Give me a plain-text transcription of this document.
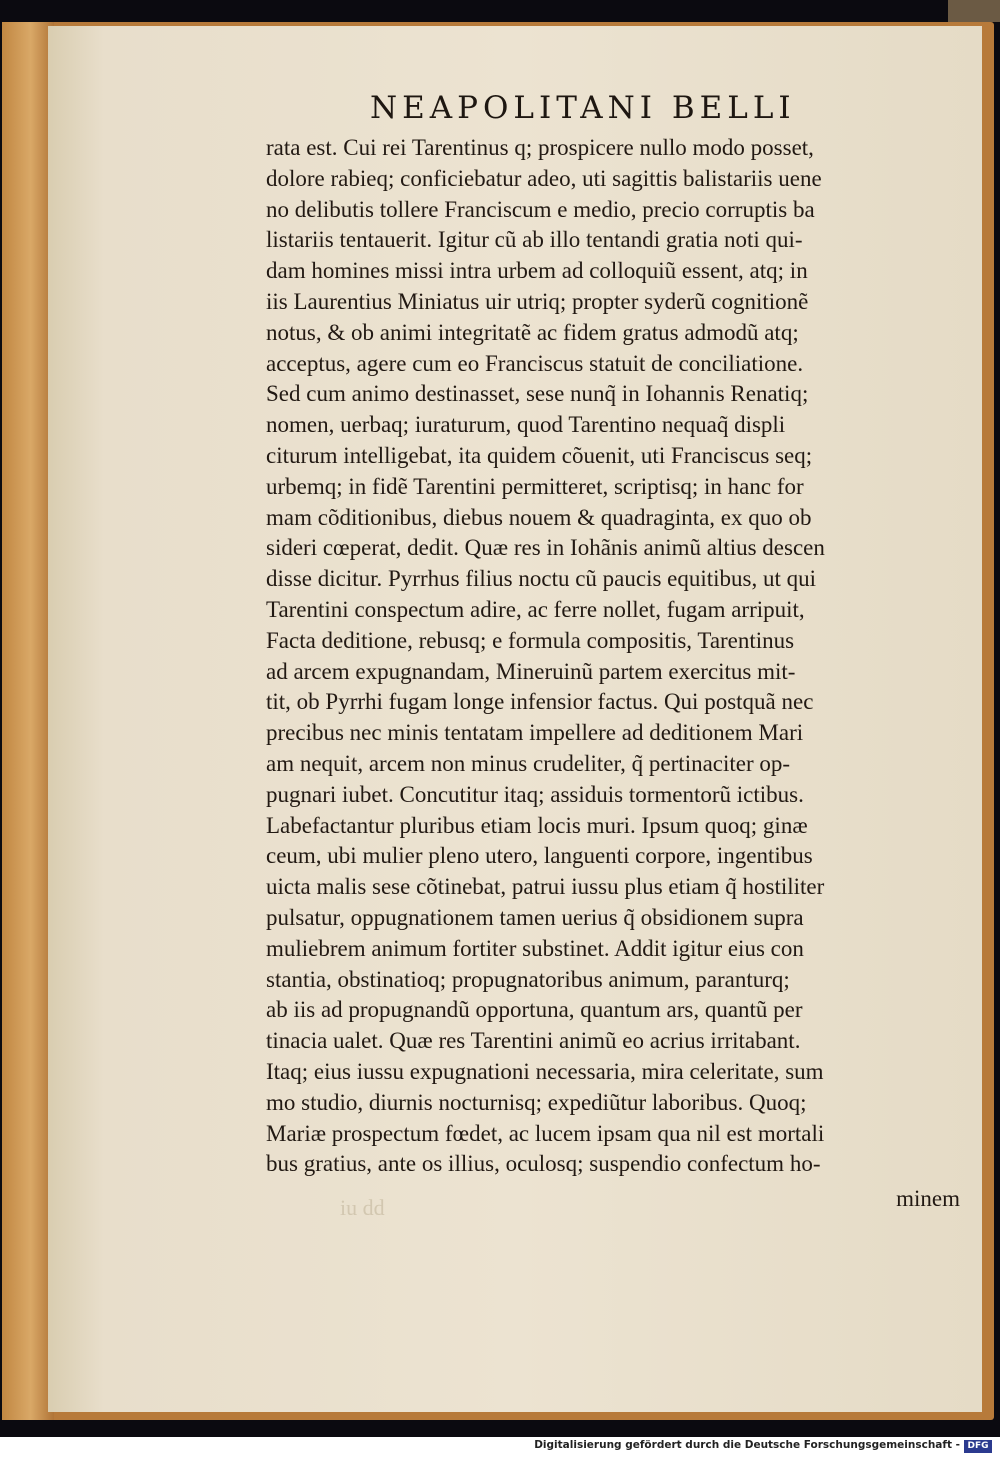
NEAPOLITANI BELLI
rata est. Cui rei Tarentinus q; prospicere nullo modo posset,
dolore rabieq; conficiebatur adeo, uti sagittis balistariis uene
no delibutis tollere Franciscum e medio, precio corruptis ba
listariis tentauerit. Igitur cũ ab illo tentandi gratia noti qui-
dam homines missi intra urbem ad colloquiũ essent, atq; in
iis Laurentius Miniatus uir utriq; propter syderũ cognitionẽ
notus, & ob animi integritatẽ ac fidem gratus admodũ atq;
acceptus, agere cum eo Franciscus statuit de conciliatione.
Sed cum animo destinasset, sese nunq̃ in Iohannis Renatiq;
nomen, uerbaq; iuraturum, quod Tarentino nequaq̃ displi
citurum intelligebat, ita quidem cõuenit, uti Franciscus seq;
urbemq; in fidẽ Tarentini permitteret, scriptisq; in hanc for
mam cõditionibus, diebus nouem & quadraginta, ex quo ob
sideri cœperat, dedit. Quæ res in Iohãnis animũ altius descen
disse dicitur. Pyrrhus filius noctu cũ paucis equitibus, ut qui
Tarentini conspectum adire, ac ferre nollet, fugam arripuit,
Facta deditione, rebusq; e formula compositis, Tarentinus
ad arcem expugnandam, Mineruinũ partem exercitus mit-
tit, ob Pyrrhi fugam longe infensior factus. Qui postquã nec
precibus nec minis tentatam impellere ad deditionem Mari
am nequit, arcem non minus crudeliter, q̃ pertinaciter op-
pugnari iubet. Concutitur itaq; assiduis tormentorũ ictibus.
Labefactantur pluribus etiam locis muri. Ipsum quoq; ginæ
ceum, ubi mulier pleno utero, languenti corpore, ingentibus
uicta malis sese cõtinebat, patrui iussu plus etiam q̃ hostiliter
pulsatur, oppugnationem tamen uerius q̃ obsidionem supra
muliebrem animum fortiter substinet. Addit igitur eius con
stantia, obstinatioq; propugnatoribus animum, paranturq;
ab iis ad propugnandũ opportuna, quantum ars, quantũ per
tinacia ualet. Quæ res Tarentini animũ eo acrius irritabant.
Itaq; eius iussu expugnationi necessaria, mira celeritate, sum
mo studio, diurnis nocturnisq; expediũtur laboribus. Quoq;
Mariæ prospectum fœdet, ac lucem ipsam qua nil est mortali
bus gratius, ante os illius, oculosq; suspendio confectum ho-
iu dd	minem
Digitalisierung gefördert durch die Deutsche Forschungsgemeinschaft - DFG
